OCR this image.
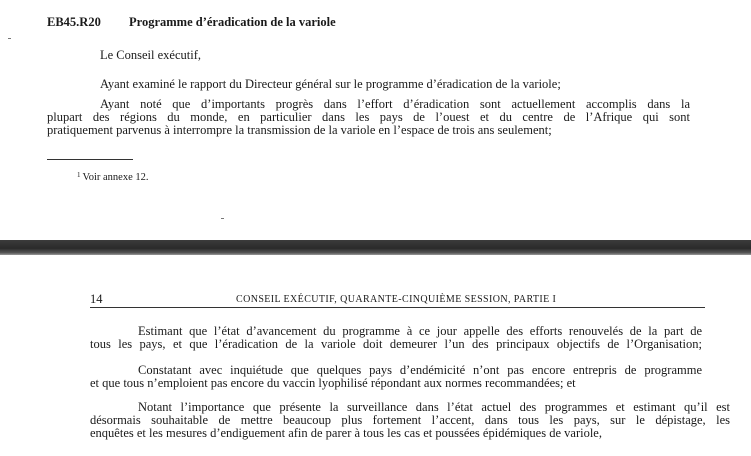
EB45.R20 Programme d’éradication de la variole

Le Conseil exécutif,

Ayant examiné le rapport du Directeur général sur le programme d’éradication de la variole;

Ayant noté que d’importants progrès dans l’effort d’éradication sont actuellement accomplis dans la
plupart des régions du monde, en particulier dans les pays de l’ouest et du centre de l’Afrique qui sont
pratiquement parvenus à interrompre la transmission de la variole en l’espace de trois ans seulement;

$^1$ Voir annexe 12.
14	CONSEIL EXÉCUTIF, QUARANTE-CINQUIÈME SESSION, PARTIE I

Estimant que l’état d’avancement du programme à ce jour appelle des efforts renouvelés de la part de
tous les pays, et que l’éradication de la variole doit demeurer l’un des principaux objectifs de l’Organisation;

Constatant avec inquiétude que quelques pays d’endémicité n’ont pas encore entrepris de programme
et que tous n’emploient pas encore du vaccin lyophilisé répondant aux normes recommandées; et

Notant l’importance que présente la surveillance dans l’état actuel des programmes et estimant qu’il est
désormais souhaitable de mettre beaucoup plus fortement l’accent, dans tous les pays, sur le dépistage, les
enquêtes et les mesures d’endiguement afin de parer à tous les cas et poussées épidémiques de variole,
